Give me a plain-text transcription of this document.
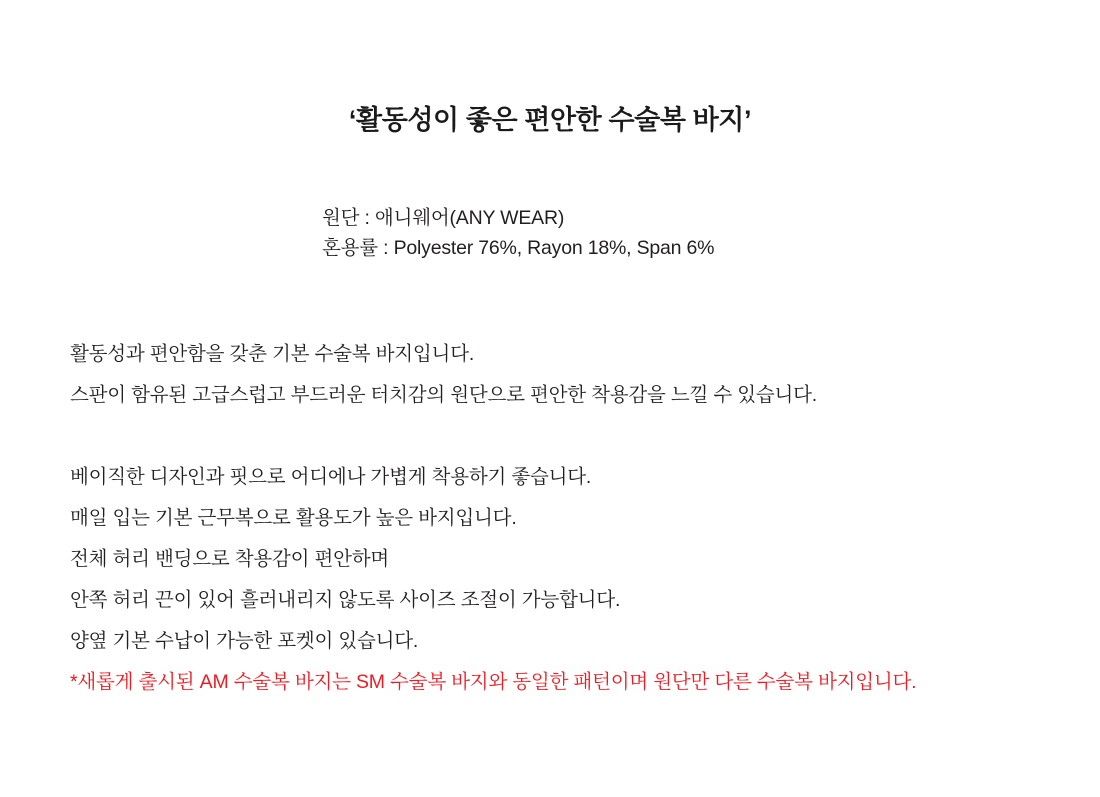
‘활동성이 좋은 편안한 수술복 바지’
원단 : 애니웨어(ANY WEAR)
혼용률 : Polyester 76%, Rayon 18%, Span 6%
활동성과 편안함을 갖춘 기본 수술복 바지입니다.
스판이 함유된 고급스럽고 부드러운 터치감의 원단으로 편안한 착용감을 느낄 수 있습니다.
베이직한 디자인과 핏으로 어디에나 가볍게 착용하기 좋습니다.
매일 입는 기본 근무복으로 활용도가 높은 바지입니다.
전체 허리 밴딩으로 착용감이 편안하며
안쪽 허리 끈이 있어 흘러내리지 않도록 사이즈 조절이 가능합니다.
양옆 기본 수납이 가능한 포켓이 있습니다.
*새롭게 출시된 AM 수술복 바지는 SM 수술복 바지와 동일한 패턴이며 원단만 다른 수술복 바지입니다.
